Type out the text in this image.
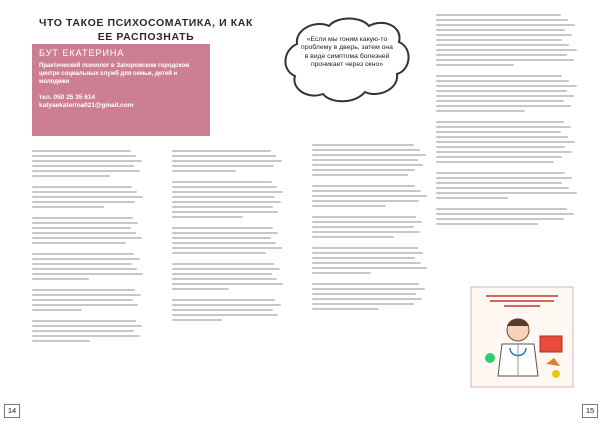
ЧТО ТАКОЕ ПСИХОСОМАТИКА, И КАК ЕЕ РАСПОЗНАТЬ
БУТ ЕКАТЕРИНА
Практический психолог в Запорожском городском центре социальных служб для семьи, детей и молодежи
тел. 050 25 35 614
katyaekaterina021@gmail.com
14	15

«Если мы гоним какую-то проблему в дверь, затем она в виде симптома болезней проникает через окно»
